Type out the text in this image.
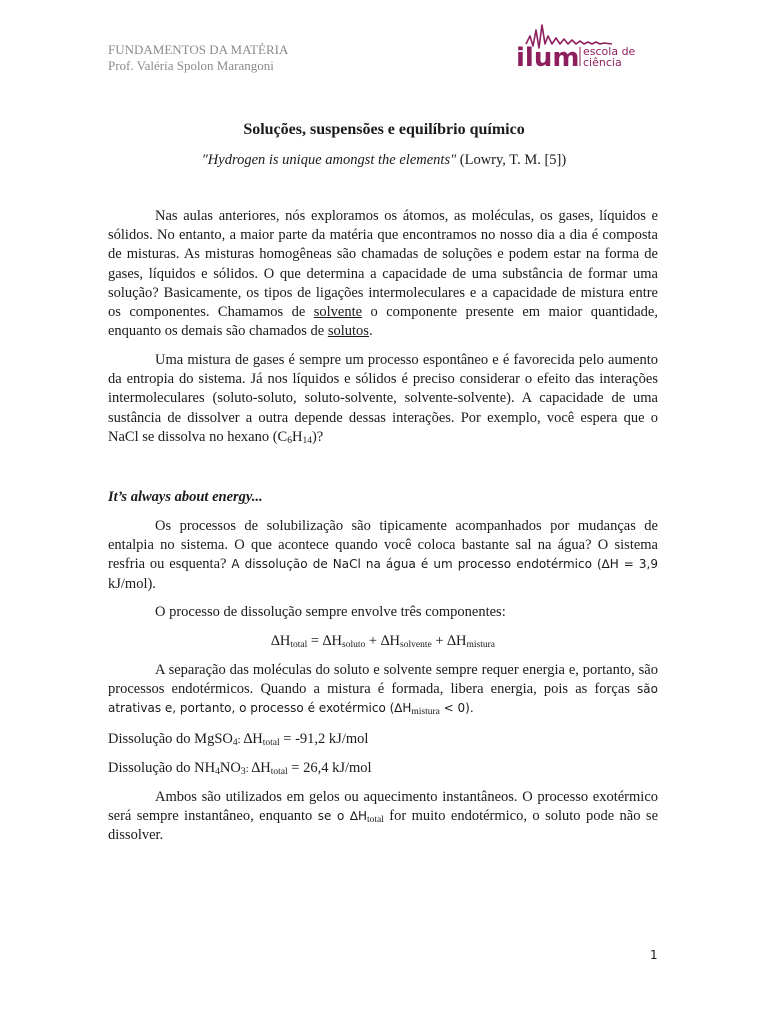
FUNDAMENTOS DA MATÉRIA
Prof. Valéria Spolon Marangoni	ilum escola de
ciência
Soluções, suspensões e equilíbrio químico
″Hydrogen is unique amongst the elements″ (Lowry, T. M. [5])

Nas aulas anteriores, nós exploramos os átomos, as moléculas, os gases, líquidos e sólidos. No entanto, a maior parte da matéria que encontramos no nosso dia a dia é composta de misturas. As misturas homogêneas são chamadas de soluções e podem estar na forma de gases, líquidos e sólidos. O que determina a capacidade de uma substância de formar uma solução? Basicamente, os tipos de ligações intermoleculares e a capacidade de mistura entre os componentes. Chamamos de solvente o componente presente em maior quantidade, enquanto os demais são chamados de solutos.

Uma mistura de gases é sempre um processo espontâneo e é favorecida pelo aumento da entropia do sistema. Já nos líquidos e sólidos é preciso considerar o efeito das interações intermoleculares (soluto-soluto, soluto-solvente, solvente-solvente). A capacidade de uma sustância de dissolver a outra depende dessas interações. Por exemplo, você espera que o NaCl se dissolva no hexano $(C_6H_{14})$?

It’s always about energy...

Os processos de solubilização são tipicamente acompanhados por mudanças de entalpia no sistema. O que acontece quando você coloca bastante sal na água? O sistema resfria ou esquenta? A dissolução de NaCl na água é um processo endotérmico (∆H = 3,9 kJ/mol).

O processo de dissolução sempre envolve três componentes:

$\Delta H_{total} = \Delta H_{soluto} + \Delta H_{solvente} + \Delta H_{mistura}$

A separação das moléculas do soluto e solvente sempre requer energia e, portanto, são processos endotérmicos. Quando a mistura é formada, libera energia, pois as forças são atrativas e, portanto, o processo é exotérmico $(\Delta H_{mistura} < 0)$.

Dissolução do MgSO$_4$: $\Delta H_{total} = -91,2$ kJ/mol
Dissolução do $NH_4NO_3$: $\Delta H_{total} = 26,4$ kJ/mol

Ambos são utilizados em gelos ou aquecimento instantâneos. O processo exotérmico será sempre instantâneo, enquanto se o $\Delta H_{total}$ for muito endotérmico, o soluto pode não se dissolver.

1
